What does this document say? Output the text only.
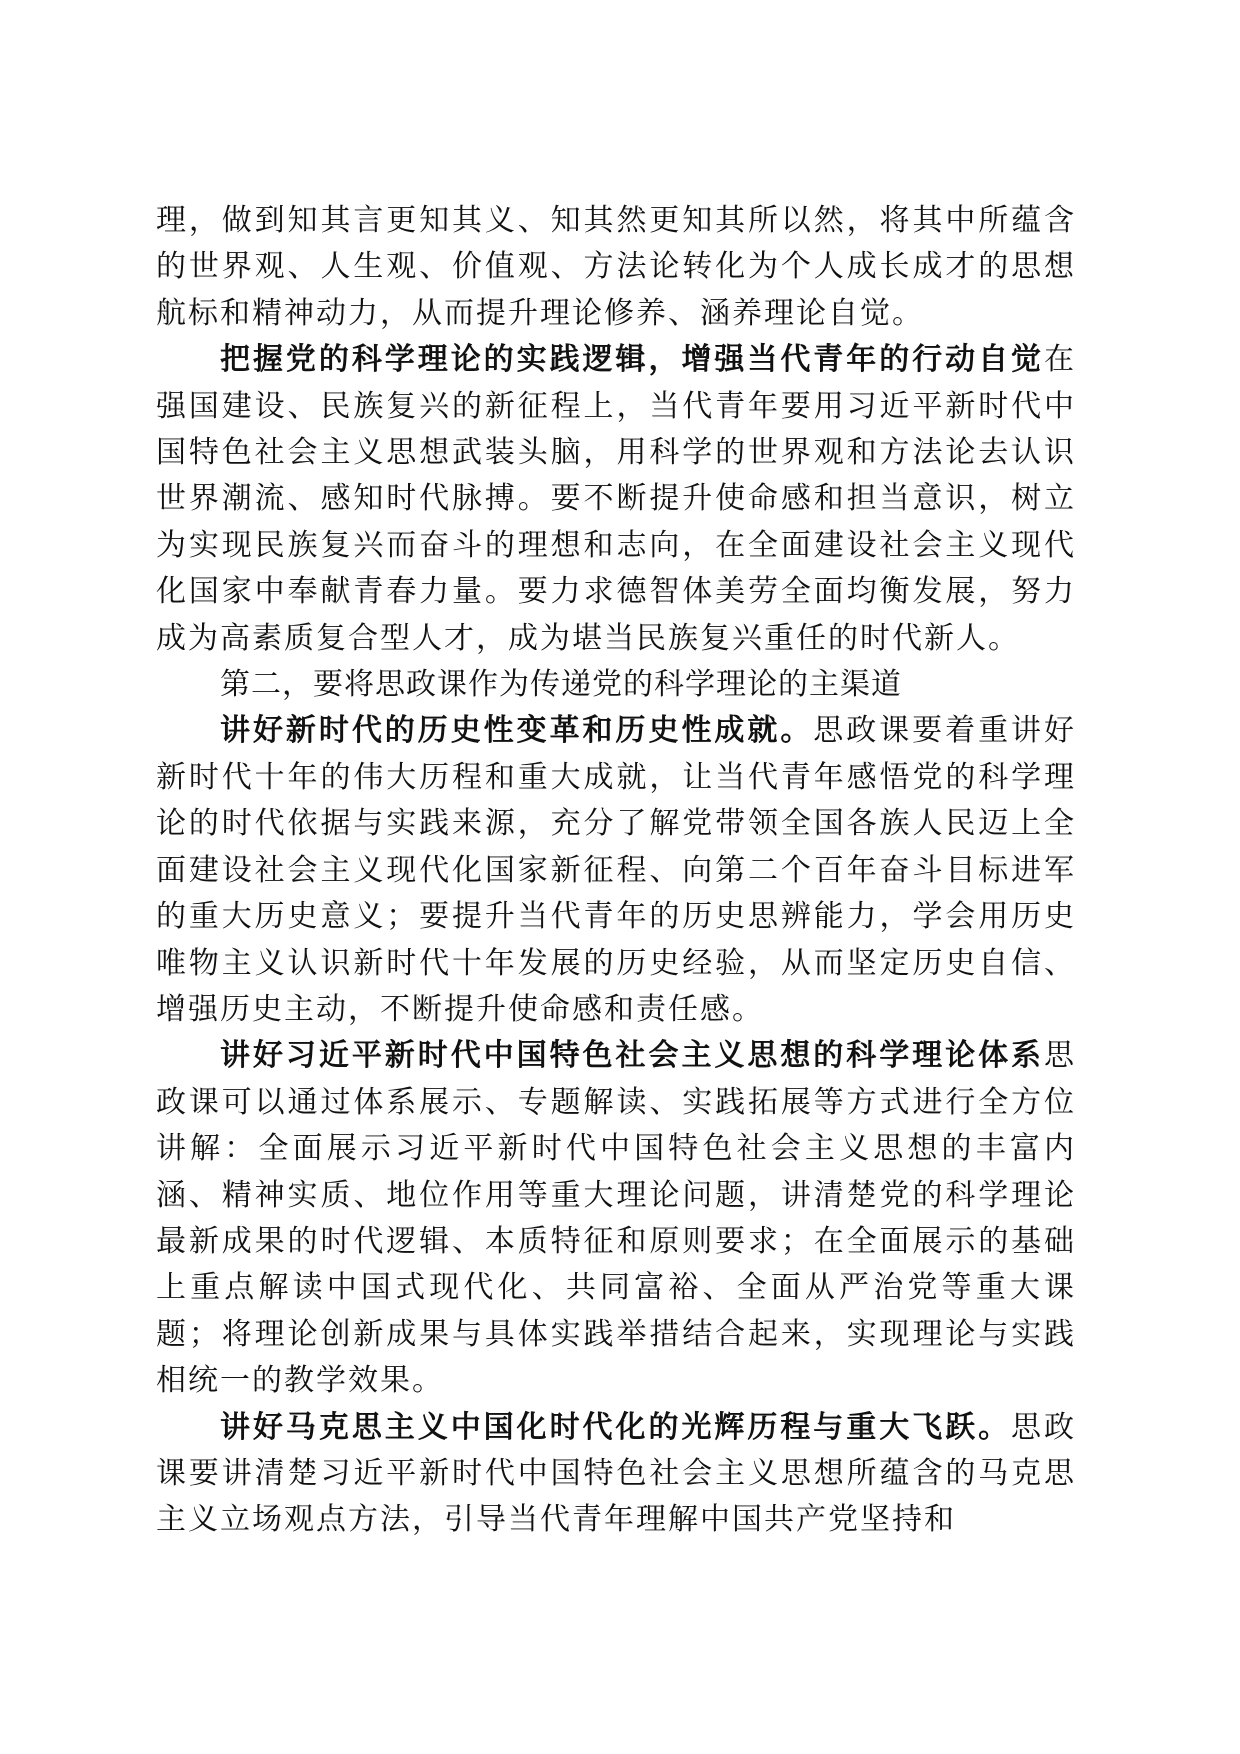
理，做到知其言更知其义、知其然更知其所以然，将其中所蕴含的世界观、人生观、价值观、方法论转化为个人成长成才的思想航标和精神动力，从而提升理论修养、涵养理论自觉。

把握党的科学理论的实践逻辑，增强当代青年的行动自觉在强国建设、民族复兴的新征程上，当代青年要用习近平新时代中国特色社会主义思想武装头脑，用科学的世界观和方法论去认识世界潮流、感知时代脉搏。要不断提升使命感和担当意识，树立为实现民族复兴而奋斗的理想和志向，在全面建设社会主义现代化国家中奉献青春力量。要力求德智体美劳全面均衡发展，努力成为高素质复合型人才，成为堪当民族复兴重任的时代新人。

第二，要将思政课作为传递党的科学理论的主渠道

讲好新时代的历史性变革和历史性成就。思政课要着重讲好新时代十年的伟大历程和重大成就，让当代青年感悟党的科学理论的时代依据与实践来源，充分了解党带领全国各族人民迈上全面建设社会主义现代化国家新征程、向第二个百年奋斗目标进军的重大历史意义；要提升当代青年的历史思辨能力，学会用历史唯物主义认识新时代十年发展的历史经验，从而坚定历史自信、增强历史主动，不断提升使命感和责任感。

讲好习近平新时代中国特色社会主义思想的科学理论体系思政课可以通过体系展示、专题解读、实践拓展等方式进行全方位讲解：全面展示习近平新时代中国特色社会主义思想的丰富内涵、精神实质、地位作用等重大理论问题，讲清楚党的科学理论最新成果的时代逻辑、本质特征和原则要求；在全面展示的基础上重点解读中国式现代化、共同富裕、全面从严治党等重大课题；将理论创新成果与具体实践举措结合起来，实现理论与实践相统一的教学效果。

讲好马克思主义中国化时代化的光辉历程与重大飞跃。思政课要讲清楚习近平新时代中国特色社会主义思想所蕴含的马克思主义立场观点方法，引导当代青年理解中国共产党坚持和
